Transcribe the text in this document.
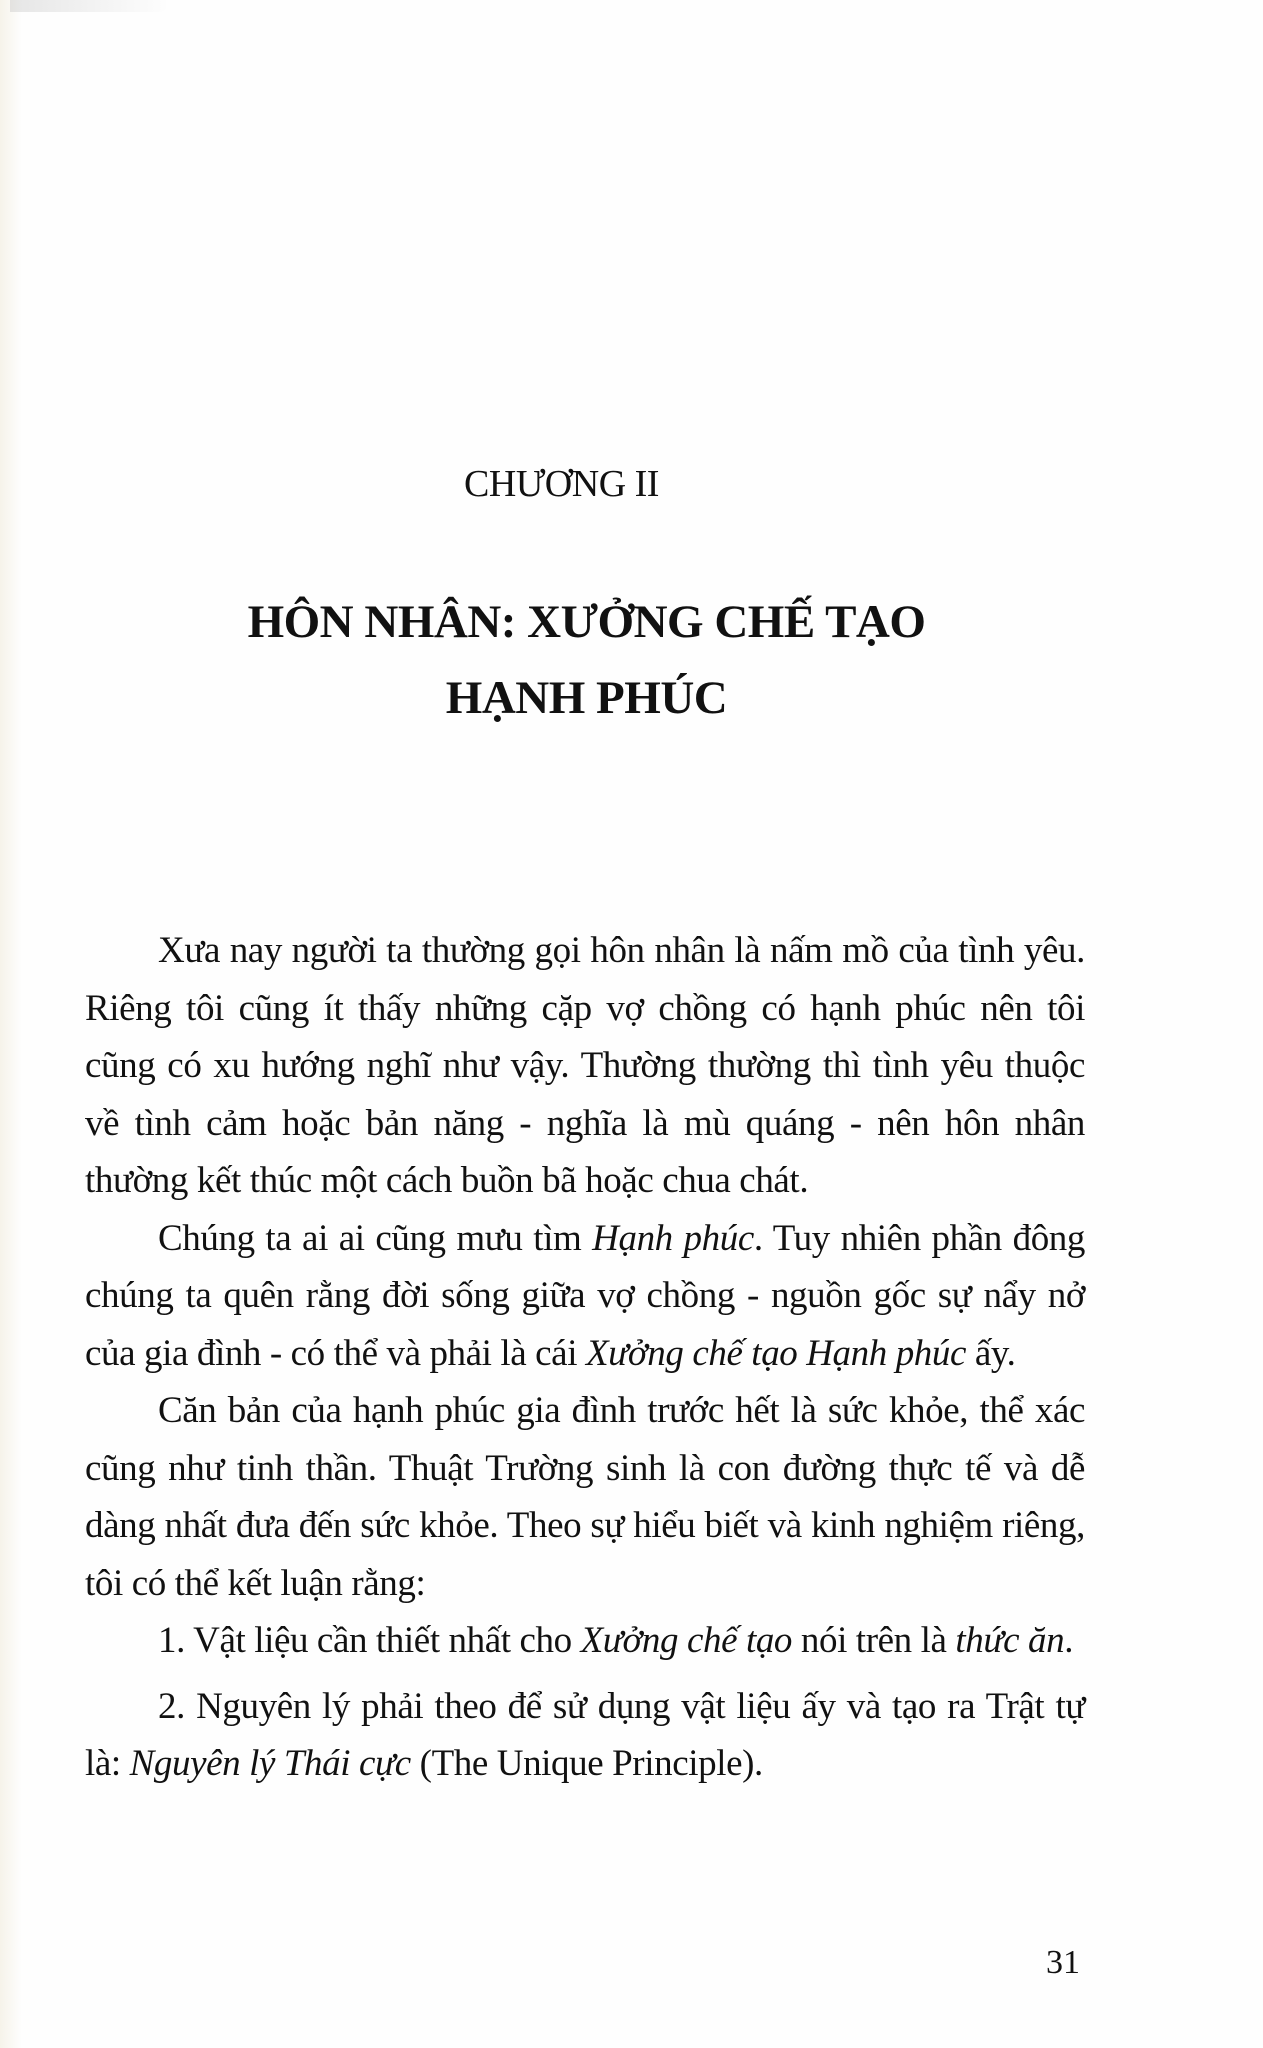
CHƯƠNG II
HÔN NHÂN: XƯỞNG CHẾ TẠO
HẠNH PHÚC

Xưa nay người ta thường gọi hôn nhân là nấm mồ của tình yêu. Riêng tôi cũng ít thấy những cặp vợ chồng có hạnh phúc nên tôi cũng có xu hướng nghĩ như vậy. Thường thường thì tình yêu thuộc về tình cảm hoặc bản năng - nghĩa là mù quáng - nên hôn nhân thường kết thúc một cách buồn bã hoặc chua chát.

Chúng ta ai ai cũng mưu tìm Hạnh phúc. Tuy nhiên phần đông chúng ta quên rằng đời sống giữa vợ chồng - nguồn gốc sự nẩy nở của gia đình - có thể và phải là cái Xưởng chế tạo Hạnh phúc ấy.

Căn bản của hạnh phúc gia đình trước hết là sức khỏe, thể xác cũng như tinh thần. Thuật Trường sinh là con đường thực tế và dễ dàng nhất đưa đến sức khỏe. Theo sự hiểu biết và kinh nghiệm riêng, tôi có thể kết luận rằng:

1. Vật liệu cần thiết nhất cho Xưởng chế tạo nói trên là thức ăn.

2. Nguyên lý phải theo để sử dụng vật liệu ấy và tạo ra Trật tự là: Nguyên lý Thái cực (The Unique Principle).

31
